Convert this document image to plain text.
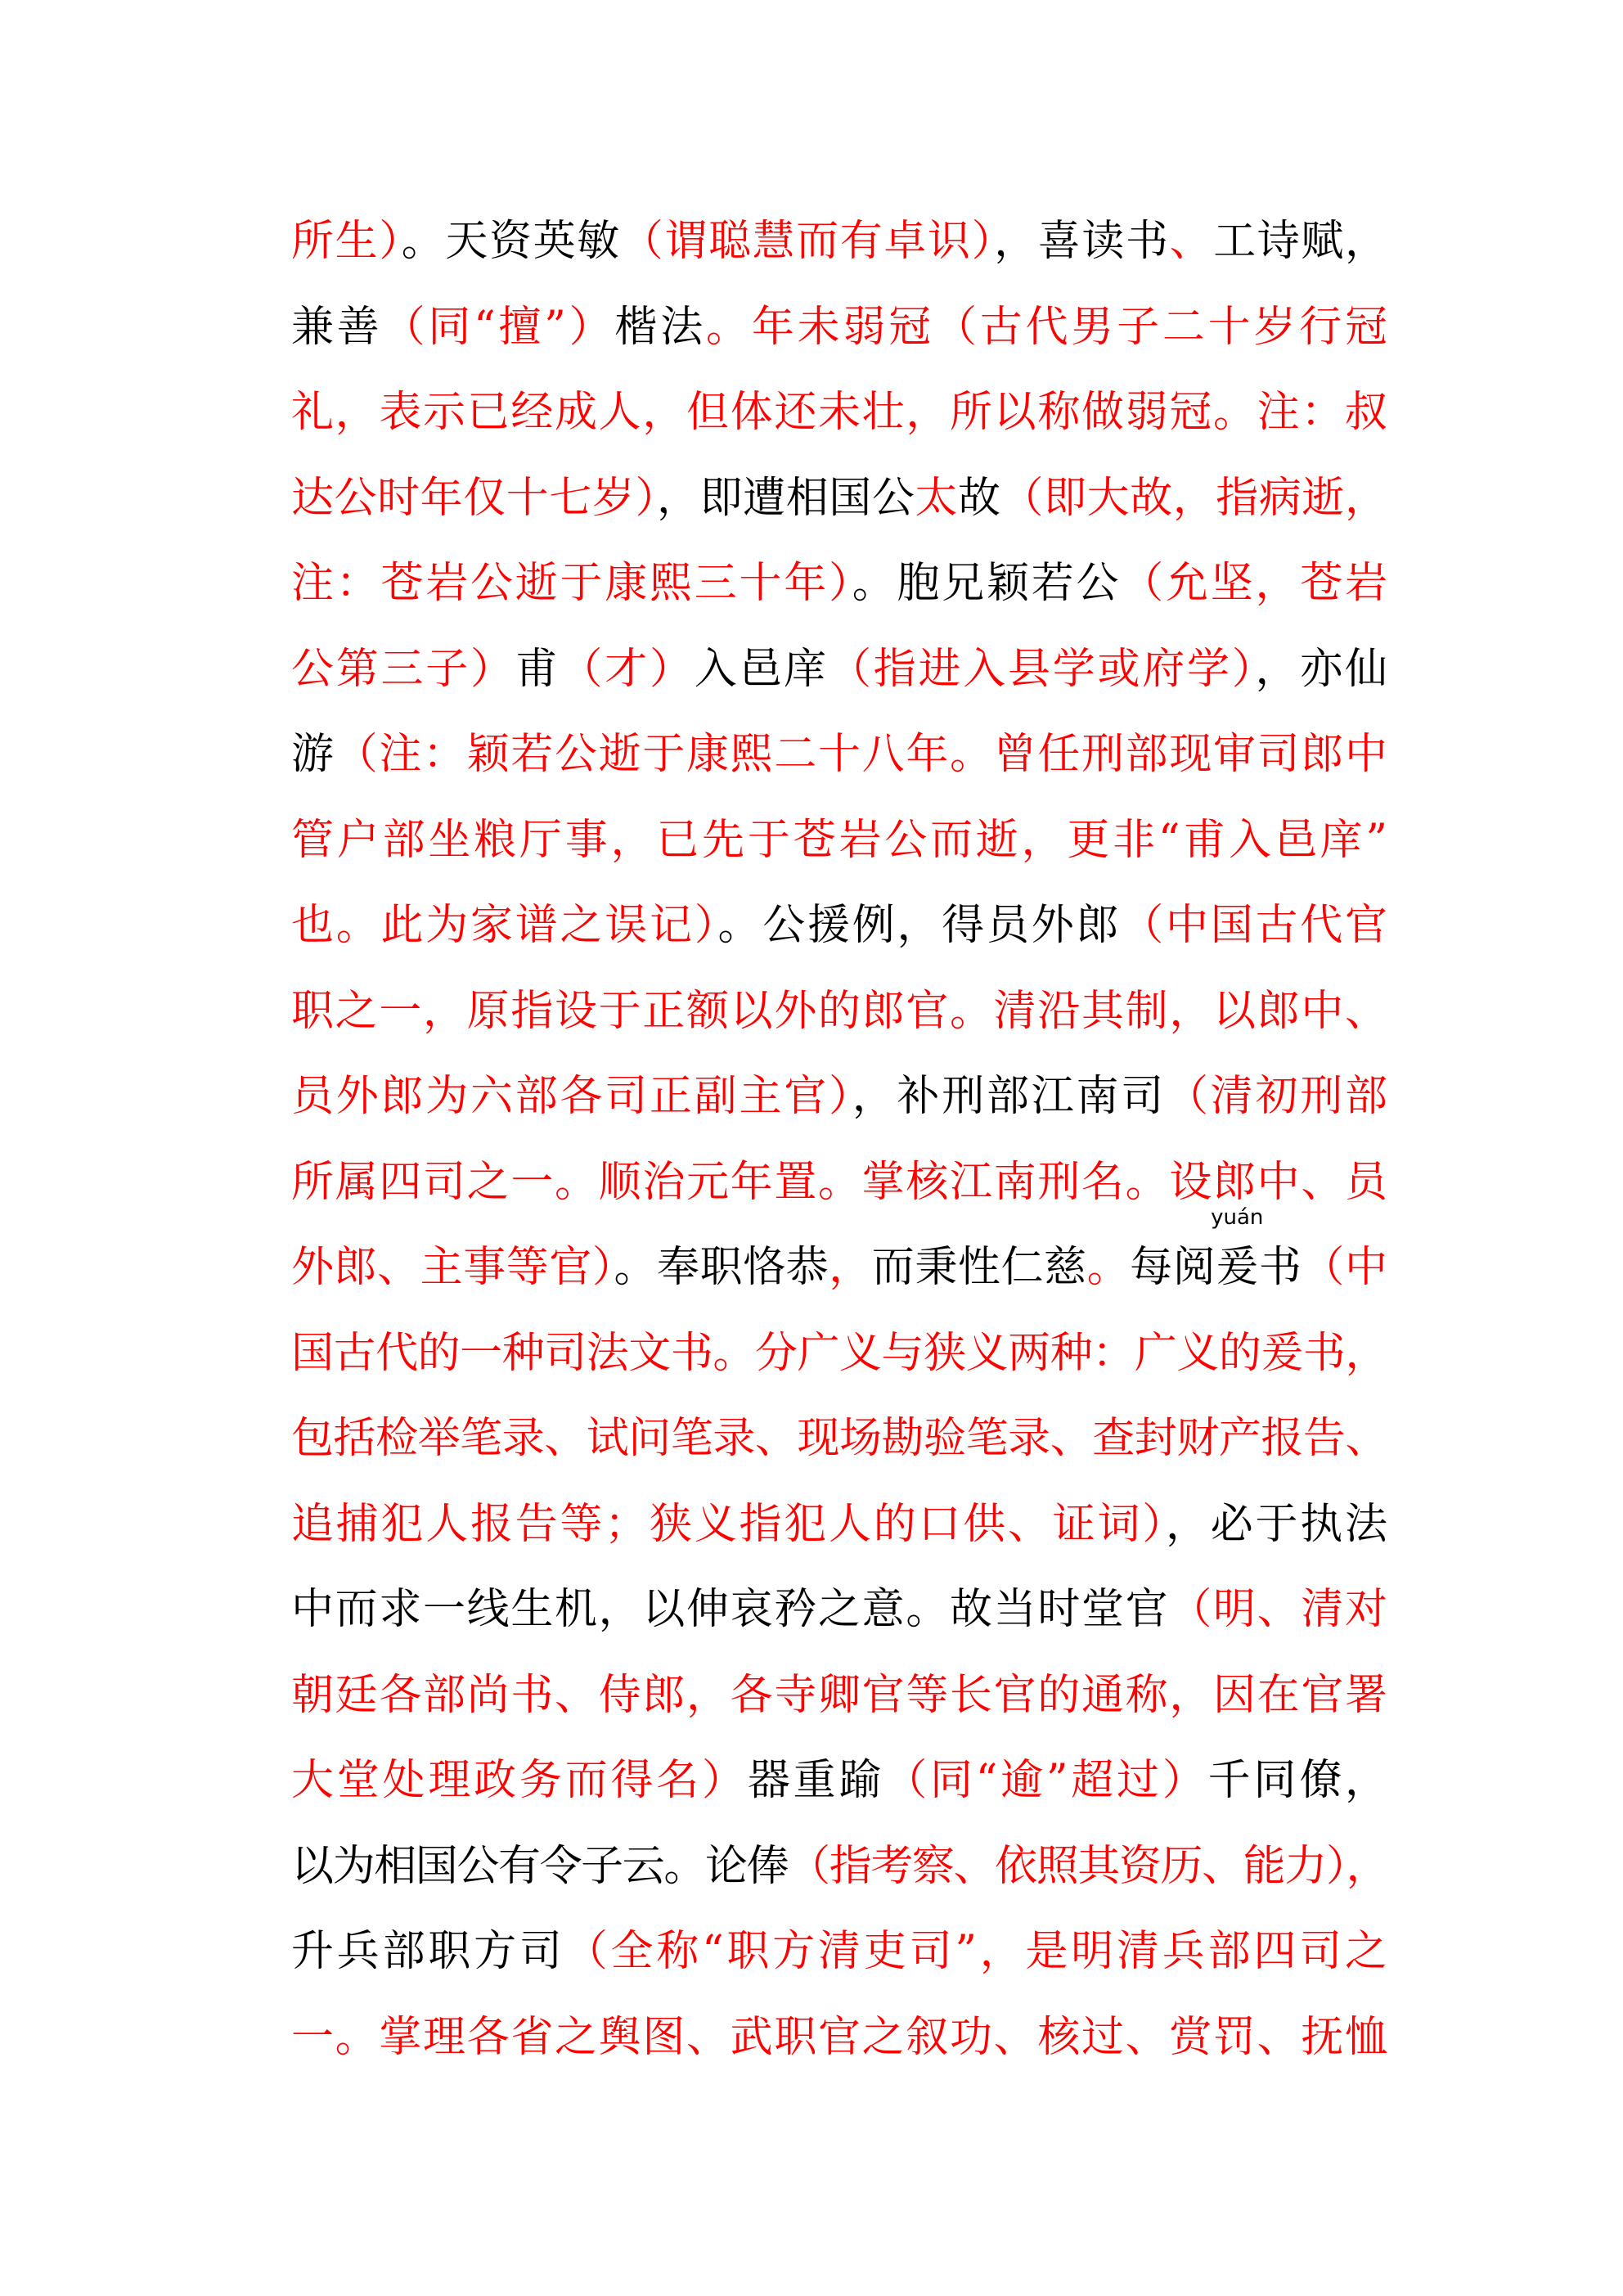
所生）。天资英敏（谓聪慧而有卓识），喜读书、工诗赋，
兼善（同“擅”）楷法。年未弱冠（古代男子二十岁行冠
礼，表示已经成人，但体还未壮，所以称做弱冠。注：叔
达公时年仅十七岁），即遭相国公太故（即大故，指病逝，
注：苍岩公逝于康熙三十年）。胞兄颖若公（允坚，苍岩
公第三子）甫（才）入邑庠（指进入县学或府学），亦仙
游（注：颖若公逝于康熙二十八年。曾任刑部现审司郎中
管户部坐粮厅事，已先于苍岩公而逝，更非“甫入邑庠”
也。此为家谱之误记）。公援例，得员外郎（中国古代官
职之一，原指设于正额以外的郎官。清沿其制，以郎中、
员外郎为六部各司正副主官），补刑部江南司（清初刑部
所属四司之一。顺治元年置。掌核江南刑名。设郎中、员
外郎、主事等官）。奉职恪恭，而秉性仁慈。每阅爰
yuán
书（中
国古代的一种司法文书。分广义与狭义两种：广义的爰书，
包括检举笔录、试问笔录、现场勘验笔录、查封财产报告、
追捕犯人报告等；狭义指犯人的口供、证词），必于执法
中而求一线生机，以伸哀矜之意。故当时堂官（明、清对
朝廷各部尚书、侍郎，各寺卿官等长官的通称，因在官署
大堂处理政务而得名）器重踰（同“逾”超过）千同僚，
以为相国公有令子云。论俸（指考察、依照其资历、能力），
升兵部职方司（全称“职方清吏司”，是明清兵部四司之
一。掌理各省之舆图、武职官之叙功、核过、赏罚、抚恤
